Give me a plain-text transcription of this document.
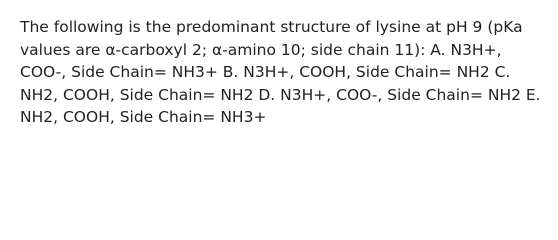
The following is the predominant structure of lysine at pH 9 (pKa values are α-carboxyl 2; α-amino 10; side chain 11): A. N3H+, COO-, Side Chain= NH3+ B. N3H+, COOH, Side Chain= NH2 C. NH2, COOH, Side Chain= NH2 D. N3H+, COO-, Side Chain= NH2 E. NH2, COOH, Side Chain= NH3+
